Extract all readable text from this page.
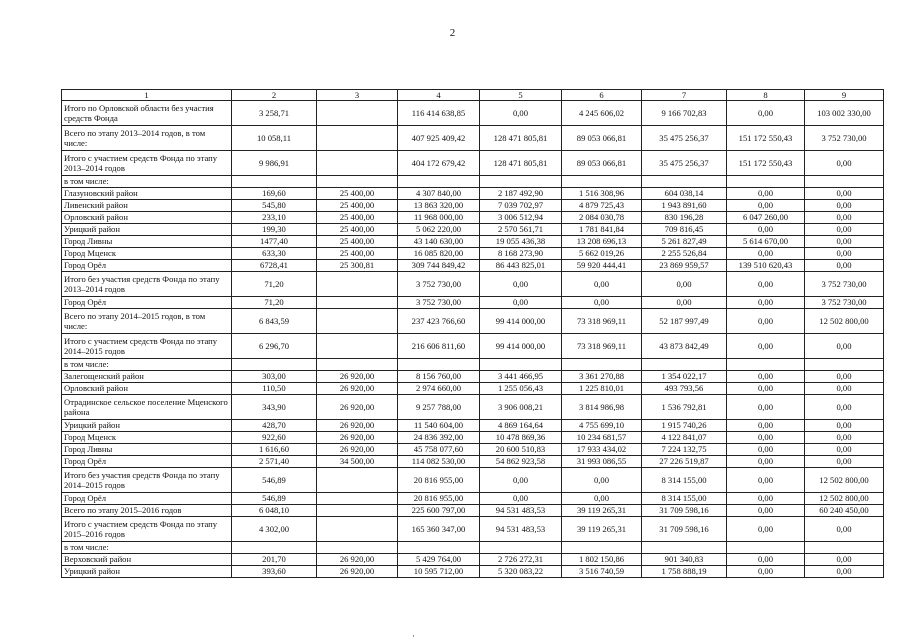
2
1	2	3	4	5	6	7	8	9
Итого по Орловской области без участия средств Фонда	3 258,71		116 414 638,85	0,00	4 245 606,02	9 166 702,83	0,00	103 002 330,00
Всего по этапу 2013–2014 годов, в том числе:	10 058,11		407 925 409,42	128 471 805,81	89 053 066,81	35 475 256,37	151 172 550,43	3 752 730,00
Итого с участием средств Фонда по этапу 2013–2014 годов	9 986,91		404 172 679,42	128 471 805,81	89 053 066,81	35 475 256,37	151 172 550,43	0,00
в том числе:								
Глазуновский район	169,60	25 400,00	4 307 840,00	2 187 492,90	1 516 308,96	604 038,14	0,00	0,00
Ливенский район	545,80	25 400,00	13 863 320,00	7 039 702,97	4 879 725,43	1 943 891,60	0,00	0,00
Орловский район	233,10	25 400,00	11 968 000,00	3 006 512,94	2 084 030,78	830 196,28	6 047 260,00	0,00
Урицкий район	199,30	25 400,00	5 062 220,00	2 570 561,71	1 781 841,84	709 816,45	0,00	0,00
Город Ливны	1477,40	25 400,00	43 140 630,00	19 055 436,38	13 208 696,13	5 261 827,49	5 614 670,00	0,00
Город Мценск	633,30	25 400,00	16 085 820,00	8 168 273,90	5 662 019,26	2 255 526,84	0,00	0,00
Город Орёл	6728,41	25 300,81	309 744 849,42	86 443 825,01	59 920 444,41	23 869 959,57	139 510 620,43	0,00
Итого без участия средств Фонда по этапу 2013–2014 годов	71,20		3 752 730,00	0,00	0,00	0,00	0,00	3 752 730,00
Город Орёл	71,20		3 752 730,00	0,00	0,00	0,00	0,00	3 752 730,00
Всего по этапу 2014–2015 годов, в том числе:	6 843,59		237 423 766,60	99 414 000,00	73 318 969,11	52 187 997,49	0,00	12 502 800,00
Итого с участием средств Фонда по этапу 2014–2015 годов	6 296,70		216 606 811,60	99 414 000,00	73 318 969,11	43 873 842,49	0,00	0,00
в том числе:								
Залегощенский район	303,00	26 920,00	8 156 760,00	3 441 466,95	3 361 270,88	1 354 022,17	0,00	0,00
Орловский район	110,50	26 920,00	2 974 660,00	1 255 056,43	1 225 810,01	493 793,56	0,00	0,00
Отрадинское сельское поселение Мценского района	343,90	26 920,00	9 257 788,00	3 906 008,21	3 814 986,98	1 536 792,81	0,00	0,00
Урицкий район	428,70	26 920,00	11 540 604,00	4 869 164,64	4 755 699,10	1 915 740,26	0,00	0,00
Город Мценск	922,60	26 920,00	24 836 392,00	10 478 869,36	10 234 681,57	4 122 841,07	0,00	0,00
Город Ливны	1 616,60	26 920,00	45 758 077,60	20 600 510,83	17 933 434,02	7 224 132,75	0,00	0,00
Город Орёл	2 571,40	34 500,00	114 082 530,00	54 862 923,58	31 993 086,55	27 226 519,87	0,00	0,00
Итого без участия средств Фонда по этапу 2014–2015 годов	546,89		20 816 955,00	0,00	0,00	8 314 155,00	0,00	12 502 800,00
Город Орёл	546,89		20 816 955,00	0,00	0,00	8 314 155,00	0,00	12 502 800,00
Всего по этапу 2015–2016 годов	6 048,10		225 600 797,00	94 531 483,53	39 119 265,31	31 709 598,16	0,00	60 240 450,00
Итого с участием средств Фонда по этапу 2015–2016 годов	4 302,00		165 360 347,00	94 531 483,53	39 119 265,31	31 709 598,16	0,00	0,00
в том числе:								
Верховский район	201,70	26 920,00	5 429 764,00	2 726 272,31	1 802 150,86	901 340,83	0,00	0,00
Урицкий район	393,60	26 920,00	10 595 712,00	5 320 083,22	3 516 740,59	1 758 888,19	0,00	0,00
·
